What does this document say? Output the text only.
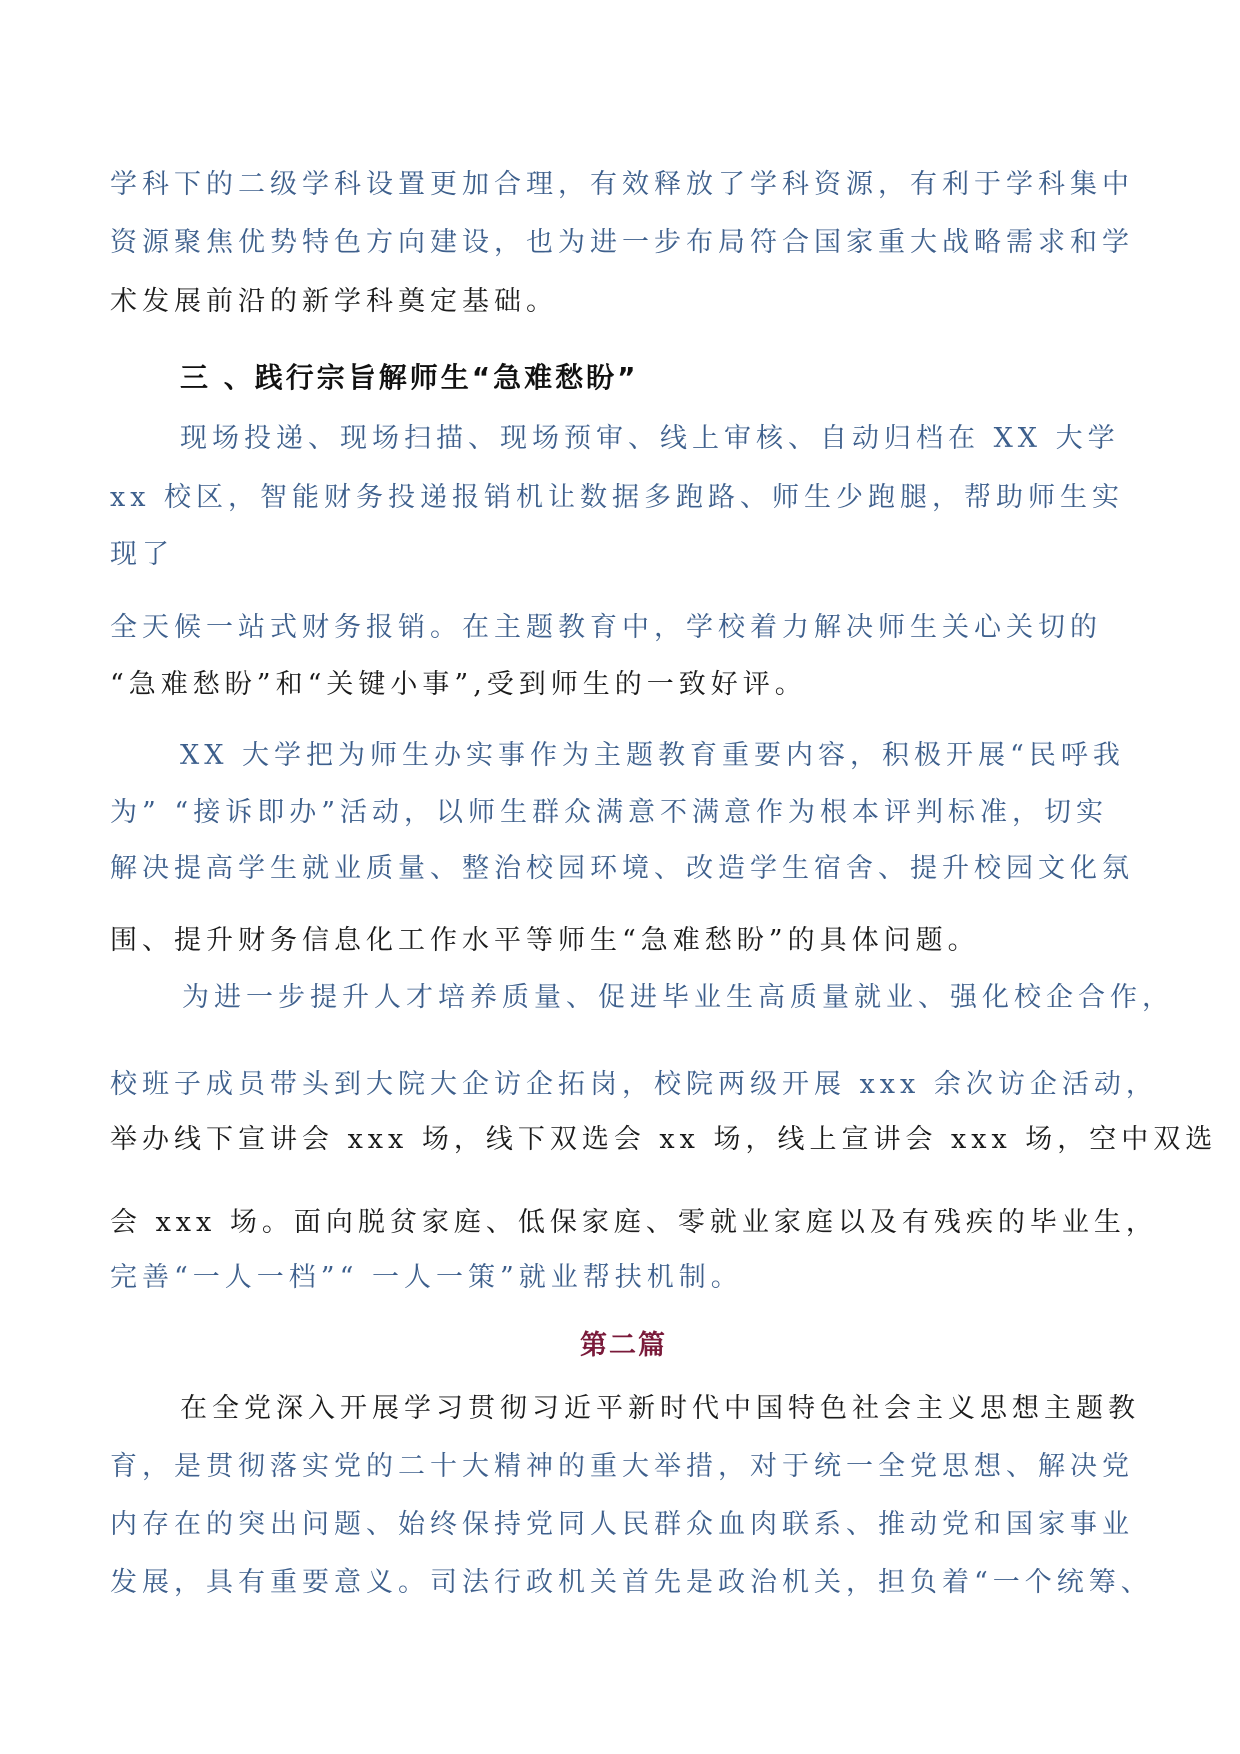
学科下的二级学科设置更加合理，有效释放了学科资源，有利于学科集中
资源聚焦优势特色方向建设，也为进一步布局符合国家重大战略需求和学
术发展前沿的新学科奠定基础。
三 、践行宗旨解师生“急难愁盼”
现场投递、现场扫描、现场预审、线上审核、自动归档在 XX 大学
xx 校区，智能财务投递报销机让数据多跑路、师生少跑腿，帮助师生实
现了
全天候一站式财务报销。在主题教育中，学校着力解决师生关心关切的
“急难愁盼”和“关键小事”,受到师生的一致好评。
XX 大学把为师生办实事作为主题教育重要内容，积极开展“民呼我
为” “接诉即办”活动，以师生群众满意不满意作为根本评判标准，切实
解决提高学生就业质量、整治校园环境、改造学生宿舍、提升校园文化氛
围、提升财务信息化工作水平等师生“急难愁盼”的具体问题。
为进一步提升人才培养质量、促进毕业生高质量就业、强化校企合作，
校班子成员带头到大院大企访企拓岗，校院两级开展 xxx 余次访企活动，
举办线下宣讲会 xxx 场，线下双选会 xx 场，线上宣讲会 xxx 场，空中双选
会 xxx 场。面向脱贫家庭、低保家庭、零就业家庭以及有残疾的毕业生，
完善“一人一档”“ 一人一策”就业帮扶机制。
第二篇
在全党深入开展学习贯彻习近平新时代中国特色社会主义思想主题教
育，是贯彻落实党的二十大精神的重大举措，对于统一全党思想、解决党
内存在的突出问题、始终保持党同人民群众血肉联系、推动党和国家事业
发展，具有重要意义。司法行政机关首先是政治机关，担负着“一个统筹、
